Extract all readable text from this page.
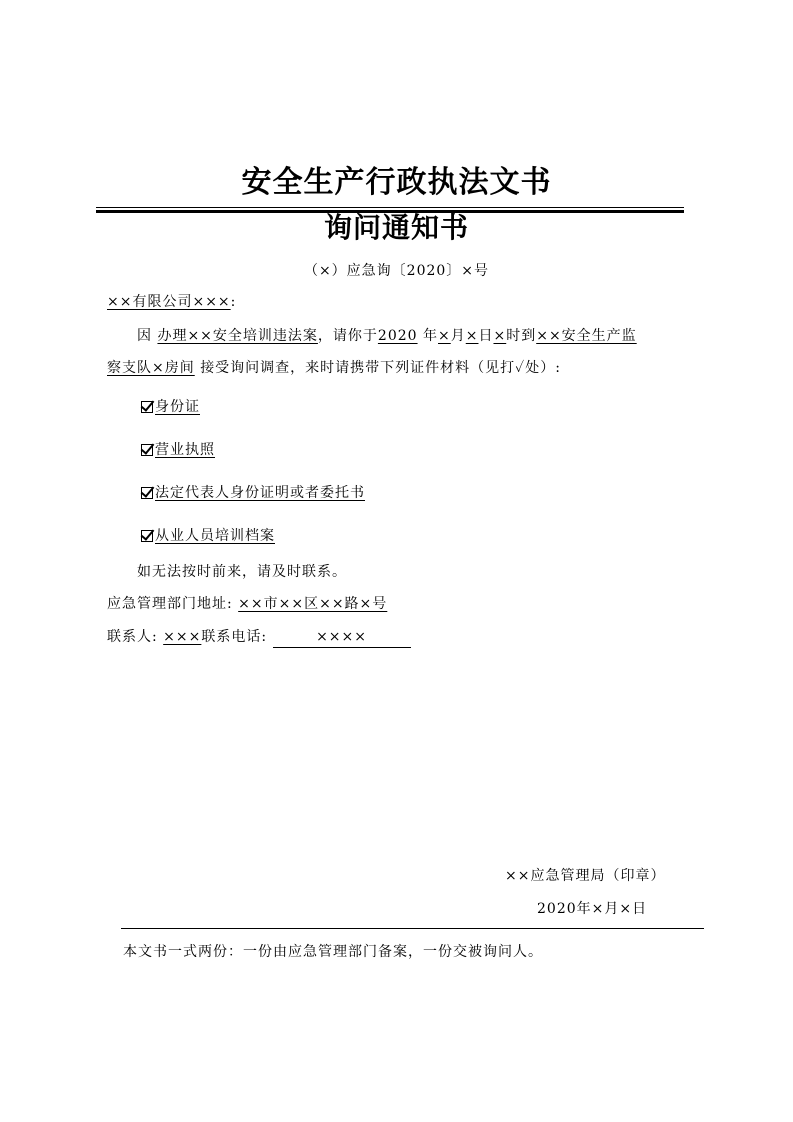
安全生产行政执法文书
询问通知书
（×）应急询〔2020〕×号
××有限公司×××:
因 办理××安全培训违法案，请你于2020 年×月×日×时到××安全生产监
察支队×房间 接受询问调查，来时请携带下列证件材料（见打✓处）:
身份证
营业执照
法定代表人身份证明或者委托书
从业人员培训档案
如无法按时前来，请及时联系。
应急管理部门地址: ××市××区××路×号
联系人: ×××联系电话:	××××
××应急管理局（印章）
2020年×月×日
本文书一式两份：一份由应急管理部门备案，一份交被询问人。
